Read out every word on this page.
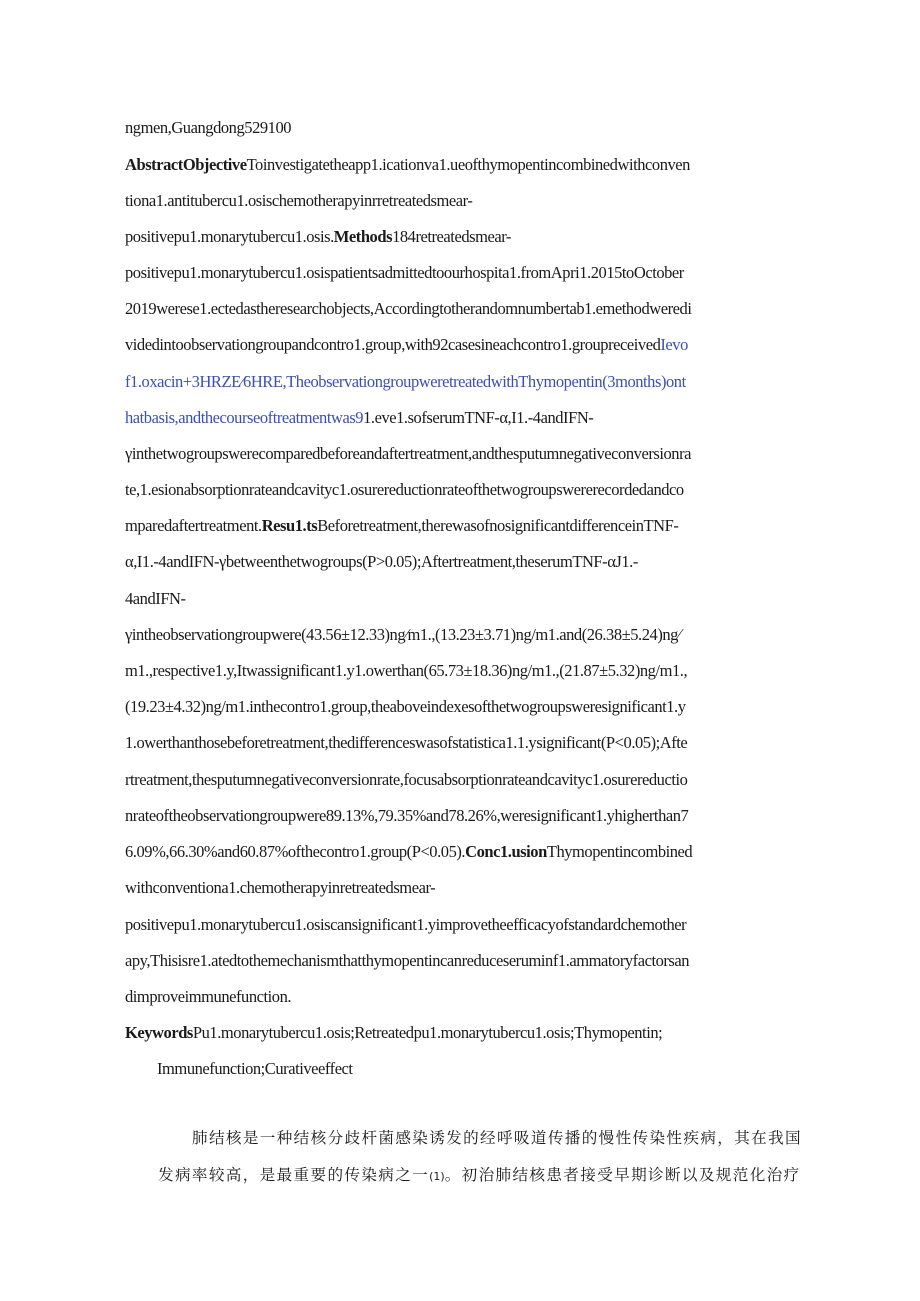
ngmen,Guangdong529100
AbstractObjectiveToinvestigatetheapp1.icationva1.ueofthymopentincombinedwithconven
tiona1.antitubercu1.osischemotherapyinrretreatedsmear-
positivepu1.monarytubercu1.osis.Methods184retreatedsmear-
positivepu1.monarytubercu1.osispatientsadmittedtoourhospita1.fromApri1.2015toOctober
2019werese1.ectedastheresearchobjects,Accordingtotherandomnumbertab1.emethodweredi
videdintoobservationgroupandcontro1.group,with92casesineachcontro1.groupreceivedIevo
f1.oxacin+3HRZE⁄6HRE,TheobservationgroupweretreatedwithThymopentin(3months)ont
hatbasis,andthecourseoftreatmentwas91.eve1.sofserumTNF-α,I1.-4andIFN-
γinthetwogroupswerecomparedbeforeandaftertreatment,andthesputumnegativeconversionra
te,1.esionabsorptionrateandcavityc1.osurereductionrateofthetwogroupswererecordedandco
mparedaftertreatment.Resu1.tsBeforetreatment,therewasofnosignificantdifferenceinTNF-
α,I1.-4andIFN-γbetweenthetwogroups(P>0.05);Aftertreatment,theserumTNF-αJ1.-
4andIFN-
γintheobservationgroupwere(43.56±12.33)ng⁄m1.,(13.23±3.71)ng/m1.and(26.38±5.24)ng⁄
m1.,respective1.y,Itwassignificant1.y1.owerthan(65.73±18.36)ng/m1.,(21.87±5.32)ng/m1.,
(19.23±4.32)ng/m1.inthecontro1.group,theaboveindexesofthetwogroupsweresignificant1.y
1.owerthanthosebeforetreatment,thedifferenceswasofstatistica1.1.ysignificant(P<0.05);Afte
rtreatment,thesputumnegativeconversionrate,focusabsorptionrateandcavityc1.osurereductio
nrateoftheobservationgroupwere89.13%,79.35%and78.26%,weresignificant1.yhigherthan7
6.09%,66.30%and60.87%ofthecontro1.group(P<0.05).Conc1.usionThymopentincombined
withconventiona1.chemotherapyinretreatedsmear-
positivepu1.monarytubercu1.osiscansignificant1.yimprovetheefficacyofstandardchemother
apy,Thisisre1.atedtothemechanismthatthymopentincanreduceseruminf1.ammatoryfactorsan
dimproveimmunefunction.
KeywordsPu1.monarytubercu1.osis;Retreatedpu1.monarytubercu1.osis;Thymopentin;
Immunefunction;Curativeeffect
肺结核是一种结核分歧杆菌感染诱发的经呼吸道传播的慢性传染性疾病，其在我国
发病率较高，是最重要的传染病之一(1)。初治肺结核患者接受早期诊断以及规范化治疗
